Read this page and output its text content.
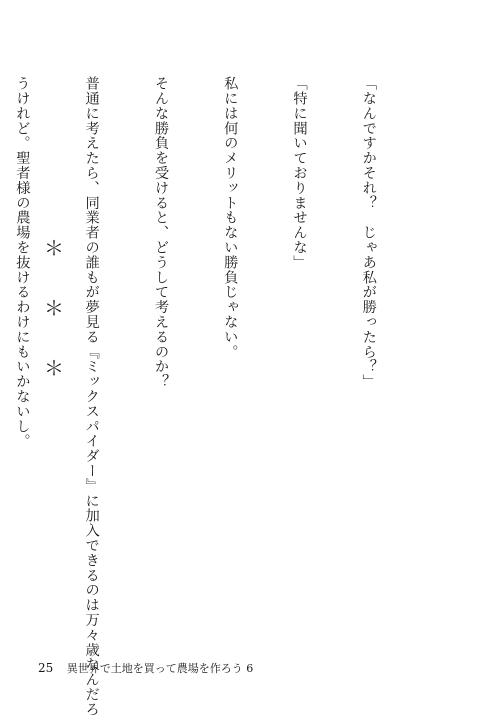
「なんですかそれ？　じゃあ私が勝ったら？」

「特に聞いておりませんな」

私には何のメリットもない勝負じゃない。

そんな勝負を受けると、どうして考えるのか？

普通に考えたら、同業者の誰もが夢見る『ミックスパイダー』に加入できるのは万々歳なんだろ

うけれど。聖者様の農場を抜けるわけにもいかないし。

＊
＊
＊
25 異世界で土地を買って農場を作ろう 6
